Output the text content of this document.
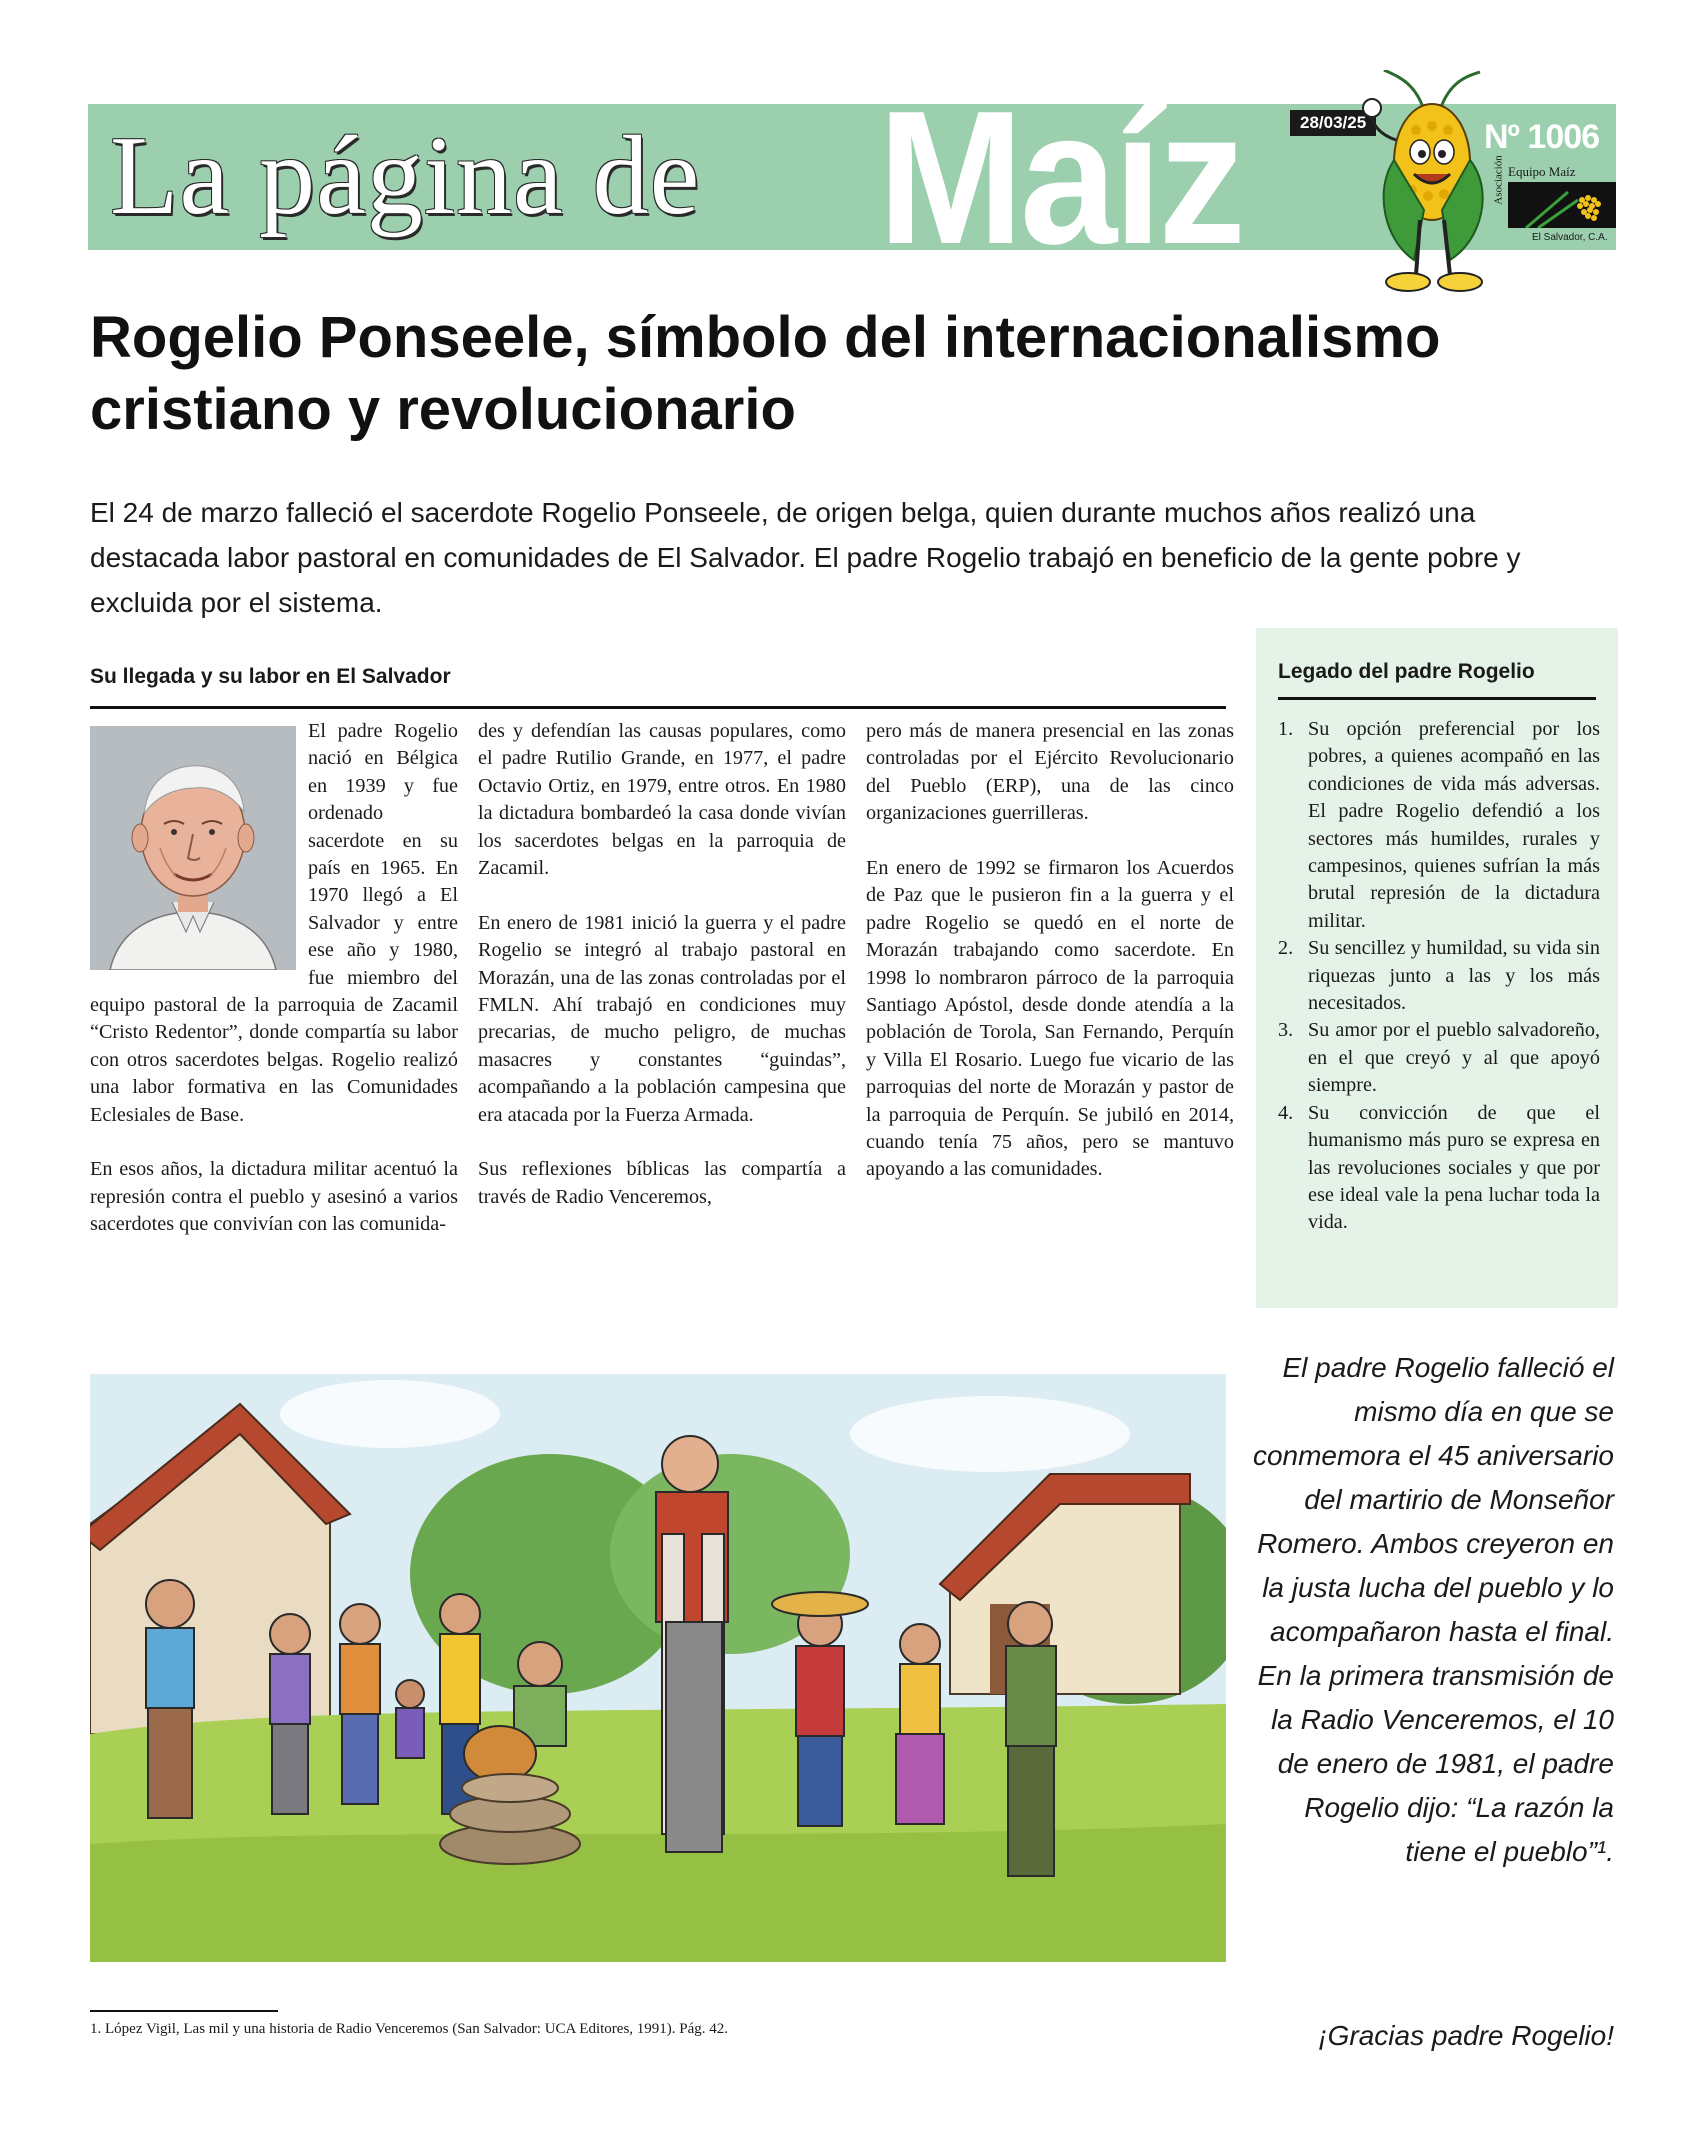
La página de Maíz	28/03/25	Nº 1006
Asociación Equipo Maíz
El Salvador, C.A.
Rogelio Ponseele, símbolo del internacionalismo cristiano y revolucionario

El 24 de marzo falleció el sacerdote Rogelio Ponseele, de origen belga, quien durante muchos años realizó una destacada labor pastoral en comunidades de El Salvador. El padre Rogelio trabajó en beneficio de la gente pobre y excluida por el sistema.

Su llegada y su labor en El Salvador

El padre Rogelio nació en Bélgica en 1939 y fue ordenado sacerdote en su país en 1965. En 1970 llegó a El Salvador y entre ese año y 1980, fue miembro del equipo pastoral de la parroquia de Zacamil “Cristo Redentor”, donde compartía su labor con otros sacerdotes belgas. Rogelio realizó una labor formativa en las Comunidades Eclesiales de Base.

En esos años, la dictadura militar acentuó la represión contra el pueblo y asesinó a varios sacerdotes que convivían con las comunida-

des y defendían las causas populares, como el padre Rutilio Grande, en 1977, el padre Octavio Ortiz, en 1979, entre otros. En 1980 la dictadura bombardeó la casa donde vivían los sacerdotes belgas en la parroquia de Zacamil.

En enero de 1981 inició la guerra y el padre Rogelio se integró al trabajo pastoral en Morazán, una de las zonas controladas por el FMLN. Ahí trabajó en condiciones muy precarias, de mucho peligro, de muchas masacres y constantes “guindas”, acompañando a la población campesina que era atacada por la Fuerza Armada.

Sus reflexiones bíblicas las compartía a través de Radio Venceremos,

pero más de manera presencial en las zonas controladas por el Ejército Revolucionario del Pueblo (ERP), una de las cinco organizaciones guerrilleras.

En enero de 1992 se firmaron los Acuerdos de Paz que le pusieron fin a la guerra y el padre Rogelio se quedó en el norte de Morazán trabajando como sacerdote. En 1998 lo nombraron párroco de la parroquia Santiago Apóstol, desde donde atendía a la población de Torola, San Fernando, Perquín y Villa El Rosario. Luego fue vicario de las parroquias del norte de Morazán y pastor de la parroquia de Perquín. Se jubiló en 2014, cuando tenía 75 años, pero se mantuvo apoyando a las comunidades.

Legado del padre Rogelio
1. Su opción preferencial por los pobres, a quienes acompañó en las condiciones de vida más adversas. El padre Rogelio defendió a los sectores más humildes, rurales y campesinos, quienes sufrían la más brutal represión de la dictadura militar.
2. Su sencillez y humildad, su vida sin riquezas junto a las y los más necesitados.
3. Su amor por el pueblo salvadoreño, en el que creyó y al que apoyó siempre.
4. Su convicción de que el humanismo más puro se expresa en las revoluciones sociales y que por ese ideal vale la pena luchar toda la vida.
El padre Rogelio falleció el mismo día en que se conmemora el 45 aniversario del martirio de Monseñor Romero. Ambos creyeron en la justa lucha del pueblo y lo acompañaron hasta el final. En la primera transmisión de la Radio Venceremos, el 10 de enero de 1981, el padre Rogelio dijo: “La razón la tiene el pueblo”¹.
¡Gracias padre Rogelio!
1. López Vigil, Las mil y una historia de Radio Venceremos (San Salvador: UCA Editores, 1991). Pág. 42.
